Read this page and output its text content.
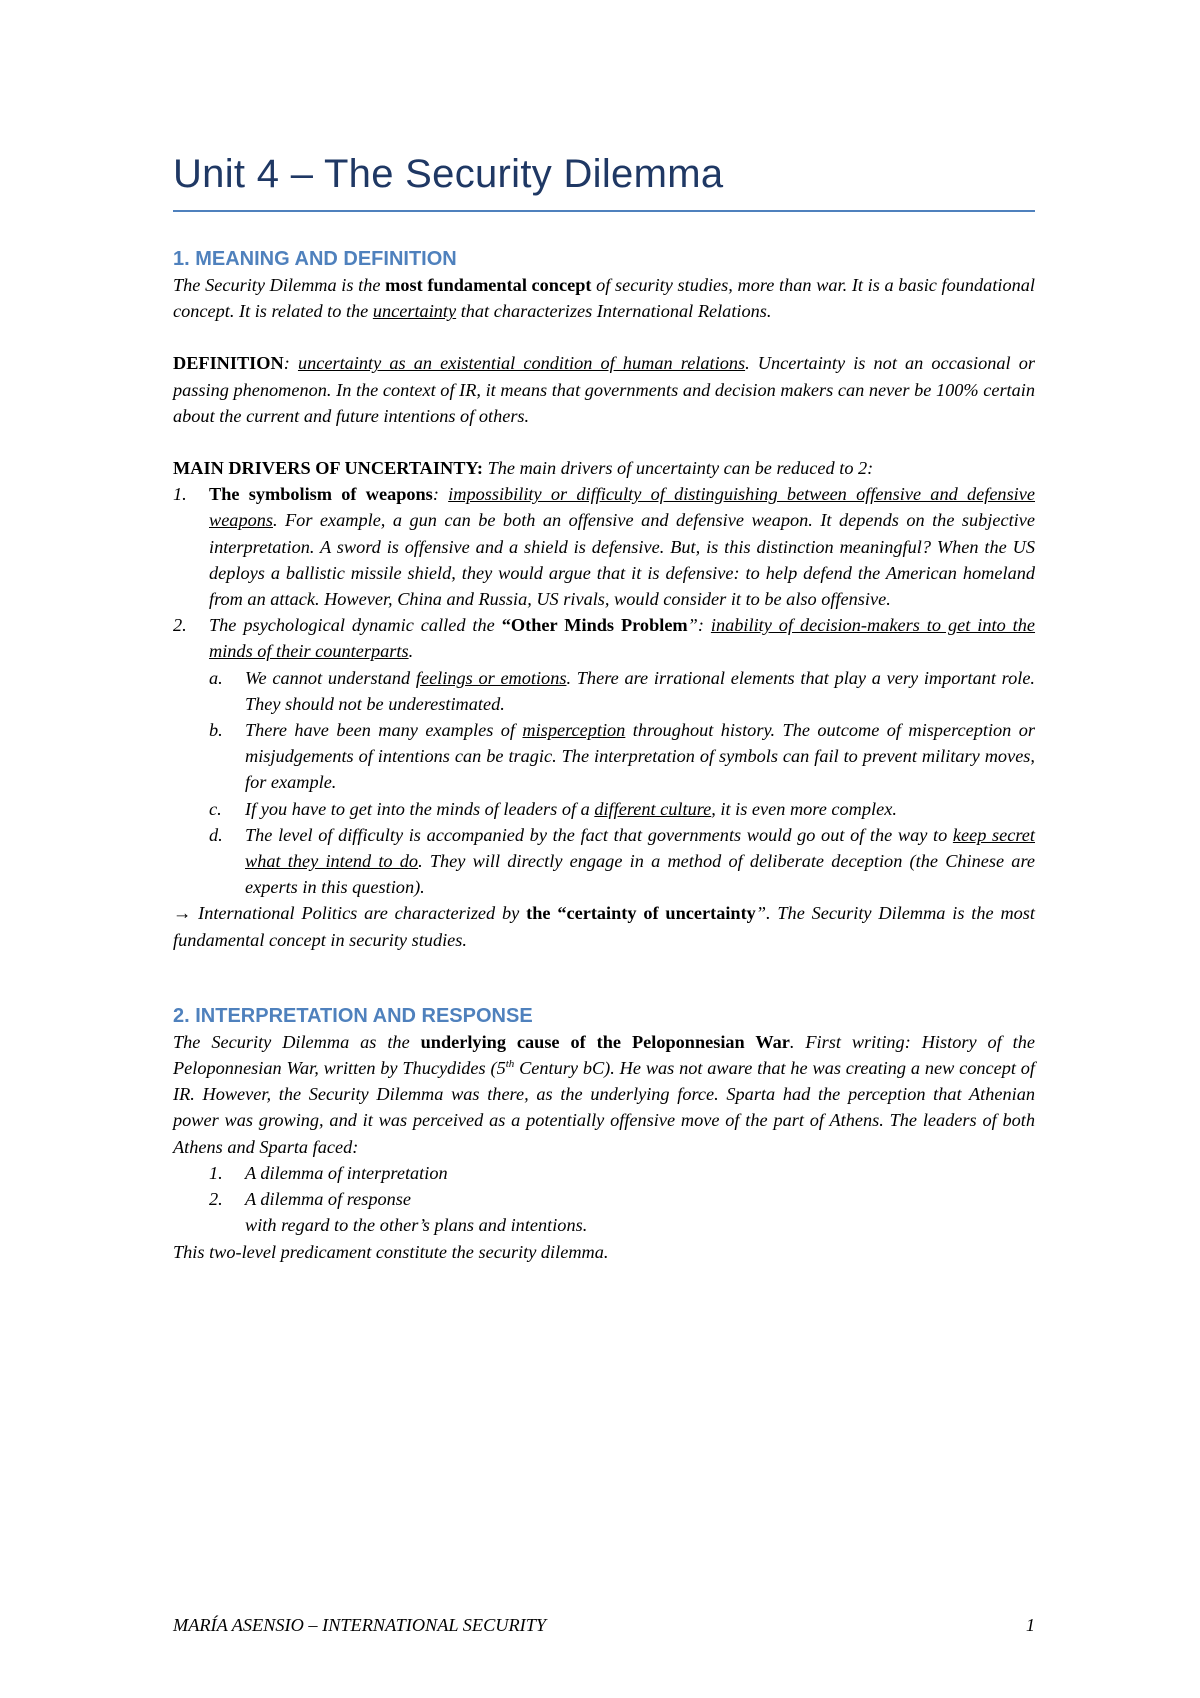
Unit 4 – The Security Dilemma
1. MEANING AND DEFINITION

The Security Dilemma is the most fundamental concept of security studies, more than war. It is a basic foundational concept. It is related to the uncertainty that characterizes International Relations.

DEFINITION: uncertainty as an existential condition of human relations. Uncertainty is not an occasional or passing phenomenon. In the context of IR, it means that governments and decision makers can never be 100% certain about the current and future intentions of others.

MAIN DRIVERS OF UNCERTAINTY: The main drivers of uncertainty can be reduced to 2:

1. The symbolism of weapons: impossibility or difficulty of distinguishing between offensive and defensive weapons. For example, a gun can be both an offensive and defensive weapon. It depends on the subjective interpretation. A sword is offensive and a shield is defensive. But, is this distinction meaningful? When the US deploys a ballistic missile shield, they would argue that it is defensive: to help defend the American homeland from an attack. However, China and Russia, US rivals, would consider it to be also offensive.

2. The psychological dynamic called the “Other Minds Problem”: inability of decision-makers to get into the minds of their counterparts.

a. We cannot understand feelings or emotions. There are irrational elements that play a very important role. They should not be underestimated.

b. There have been many examples of misperception throughout history. The outcome of misperception or misjudgements of intentions can be tragic. The interpretation of symbols can fail to prevent military moves, for example.

c. If you have to get into the minds of leaders of a different culture, it is even more complex.

d. The level of difficulty is accompanied by the fact that governments would go out of the way to keep secret what they intend to do. They will directly engage in a method of deliberate deception (the Chinese are experts in this question).

→ International Politics are characterized by the “certainty of uncertainty”. The Security Dilemma is the most fundamental concept in security studies.

2. INTERPRETATION AND RESPONSE

The Security Dilemma as the underlying cause of the Peloponnesian War. First writing: History of the Peloponnesian War, written by Thucydides (5th Century bC). He was not aware that he was creating a new concept of IR. However, the Security Dilemma was there, as the underlying force. Sparta had the perception that Athenian power was growing, and it was perceived as a potentially offensive move of the part of Athens. The leaders of both Athens and Sparta faced:

1. A dilemma of interpretation

2. A dilemma of response

with regard to the other’s plans and intentions.

This two-level predicament constitute the security dilemma.

MARÍA ASENSIO – INTERNATIONAL SECURITY	1
